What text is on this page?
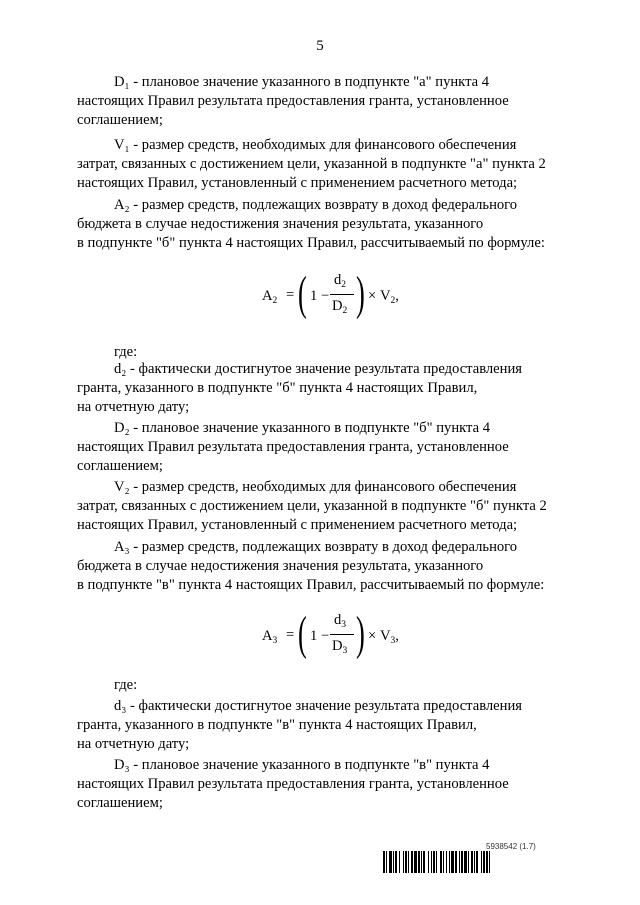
5
D₁ - плановое значение указанного в подпункте "а" пункта 4
настоящих Правил результата предоставления гранта, установленное
соглашением;
V₁ - размер средств, необходимых для финансового обеспечения
затрат, связанных с достижением цели, указанной в подпункте "а" пункта 2
настоящих Правил, установленный с применением расчетного метода;
A₂ - размер средств, подлежащих возврату в доход федерального
бюджета в случае недостижения значения результата, указанного
в подпункте "б" пункта 4 настоящих Правил, рассчитываемый по формуле:
$A_2$ = ( 1 −
$d_2$
$D_2$ ) × $V_2$,
где:
d₂ - фактически достигнутое значение результата предоставления
гранта, указанного в подпункте "б" пункта 4 настоящих Правил,
на отчетную дату;
D₂ - плановое значение указанного в подпункте "б" пункта 4
настоящих Правил результата предоставления гранта, установленное
соглашением;
V₂ - размер средств, необходимых для финансового обеспечения
затрат, связанных с достижением цели, указанной в подпункте "б" пункта 2
настоящих Правил, установленный с применением расчетного метода;
A₃ - размер средств, подлежащих возврату в доход федерального
бюджета в случае недостижения значения результата, указанного
в подпункте "в" пункта 4 настоящих Правил, рассчитываемый по формуле:
$A_3$ = ( 1 −
$d_3$
$D_3$ ) × $V_3$,
где:
d₃ - фактически достигнутое значение результата предоставления
гранта, указанного в подпункте "в" пункта 4 настоящих Правил,
на отчетную дату;
D₃ - плановое значение указанного в подпункте "в" пункта 4
настоящих Правил результата предоставления гранта, установленное
соглашением;
5938542 (1.7)
